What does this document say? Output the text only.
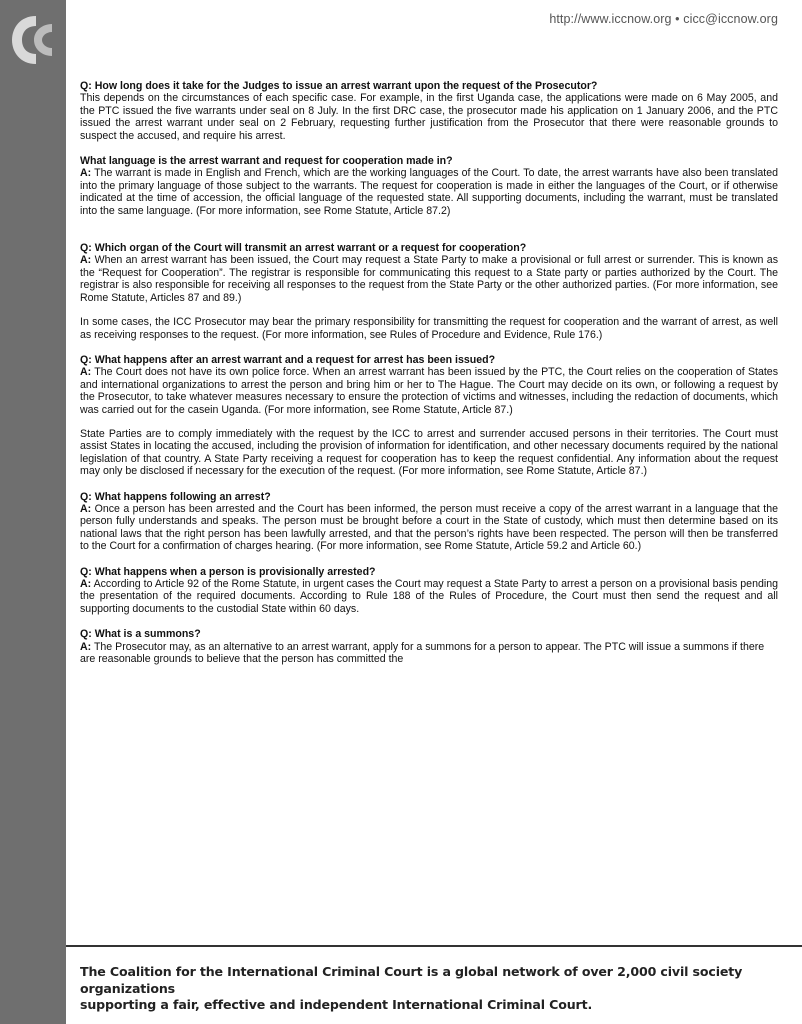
http://www.iccnow.org • cicc@iccnow.org
Q: How long does it take for the Judges to issue an arrest warrant upon the request of the Prosecutor?

This depends on the circumstances of each specific case. For example, in the first Uganda case, the applications were made on 6 May 2005, and the PTC issued the five warrants under seal on 8 July. In the first DRC case, the prosecutor made his application on 1 January 2006, and the PTC issued the arrest warrant under seal on 2 February, requesting further justification from the Prosecutor that there were reasonable grounds to suspect the accused, and require his arrest.

What language is the arrest warrant and request for cooperation made in?

A: The warrant is made in English and French, which are the working languages of the Court. To date, the arrest warrants have also been translated into the primary language of those subject to the warrants. The request for cooperation is made in either the languages of the Court, or if otherwise indicated at the time of accession, the official language of the requested state. All supporting documents, including the warrant, must be translated into the same language. (For more information, see Rome Statute, Article 87.2)

Q: Which organ of the Court will transmit an arrest warrant or a request for cooperation?

A: When an arrest warrant has been issued, the Court may request a State Party to make a provisional or full arrest or surrender. This is known as the “Request for Cooperation”. The registrar is responsible for communicating this request to a State party or parties authorized by the Court. The registrar is also responsible for receiving all responses to the request from the State Party or the other authorized parties. (For more information, see Rome Statute, Articles 87 and 89.)

In some cases, the ICC Prosecutor may bear the primary responsibility for transmitting the request for cooperation and the warrant of arrest, as well as receiving responses to the request. (For more information, see Rules of Procedure and Evidence, Rule 176.)

Q: What happens after an arrest warrant and a request for arrest has been issued?

A: The Court does not have its own police force. When an arrest warrant has been issued by the PTC, the Court relies on the cooperation of States and international organizations to arrest the person and bring him or her to The Hague. The Court may decide on its own, or following a request by the Prosecutor, to take whatever measures necessary to ensure the protection of victims and witnesses, including the redaction of documents, which was carried out for the casein Uganda. (For more information, see Rome Statute, Article 87.)

State Parties are to comply immediately with the request by the ICC to arrest and surrender accused persons in their territories. The Court must assist States in locating the accused, including the provision of information for identification, and other necessary documents required by the national legislation of that country. A State Party receiving a request for cooperation has to keep the request confidential. Any information about the request may only be disclosed if necessary for the execution of the request. (For more information, see Rome Statute, Article 87.)

Q: What happens following an arrest?

A: Once a person has been arrested and the Court has been informed, the person must receive a copy of the arrest warrant in a language that the person fully understands and speaks. The person must be brought before a court in the State of custody, which must then determine based on its national laws that the right person has been lawfully arrested, and that the person’s rights have been respected. The person will then be transferred to the Court for a confirmation of charges hearing. (For more information, see Rome Statute, Article 59.2 and Article 60.)

Q: What happens when a person is provisionally arrested?

A: According to Article 92 of the Rome Statute, in urgent cases the Court may request a State Party to arrest a person on a provisional basis pending the presentation of the required documents. According to Rule 188 of the Rules of Procedure, the Court must then send the request and all supporting documents to the custodial State within 60 days.

Q: What is a summons?

A: The Prosecutor may, as an alternative to an arrest warrant, apply for a summons for a person to appear. The PTC will issue a summons if there are reasonable grounds to believe that the person has committed the

The Coalition for the International Criminal Court is a global network of over 2,000 civil society organizations
supporting a fair, effective and independent International Criminal Court.
